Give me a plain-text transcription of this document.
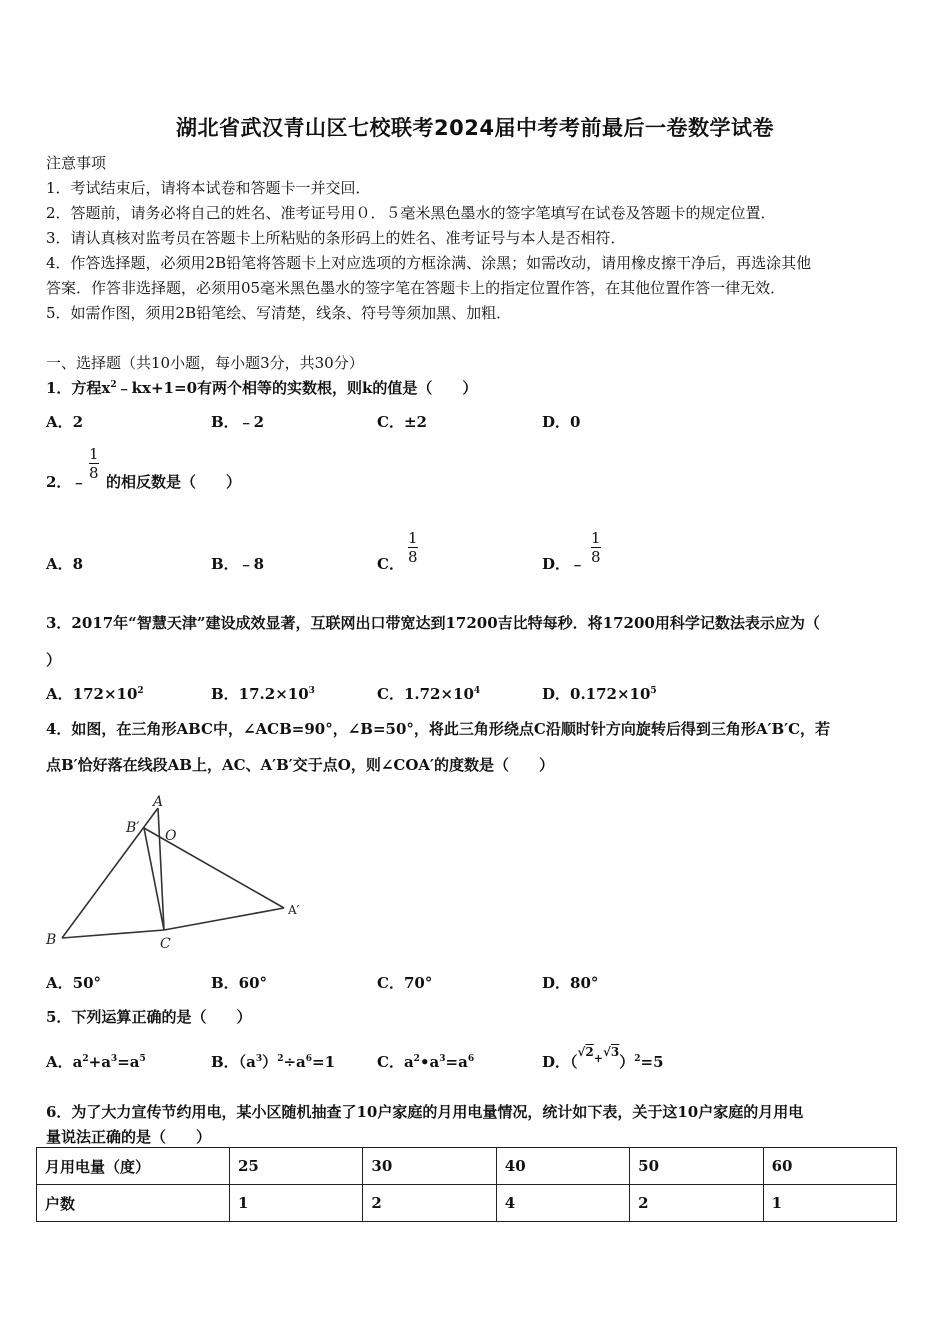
湖北省武汉青山区七校联考2024届中考考前最后一卷数学试卷
注意事项
1．考试结束后，请将本试卷和答题卡一并交回．
2．答题前，请务必将自己的姓名、准考证号用０．５毫米黑色墨水的签字笔填写在试卷及答题卡的规定位置．
3．请认真核对监考员在答题卡上所粘贴的条形码上的姓名、准考证号与本人是否相符．
4．作答选择题，必须用2B铅笔将答题卡上对应选项的方框涂满、涂黑；如需改动，请用橡皮擦干净后，再选涂其他
答案．作答非选择题，必须用05毫米黑色墨水的签字笔在答题卡上的指定位置作答，在其他位置作答一律无效．
5．如需作图，须用2B铅笔绘、写清楚，线条、符号等须加黑、加粗．
一、选择题（共10小题，每小题3分，共30分）
1．方程$x^2﹣kx+1=0$有两个相等的实数根，则k的值是（　　）
A．2	B．﹣2	C．±2	D．0
2．﹣
1
8 的相反数是（　　）
A．8	B．﹣8	C．
1
8	D．﹣
1
8
3．2017年“智慧天津”建设成效显著，互联网出口带宽达到17200吉比特每秒．将17200用科学记数法表示应为（
）
A．$172\times 10^2$	B．$17.2\times 10^3$	C．$1.72\times 10^4$	D．$0.172\times 10^5$
4．如图，在三角形ABC中，∠ACB=90°，∠B=50°，将此三角形绕点C沿顺时针方向旋转后得到三角形A′B′C，若
点B′恰好落在线段AB上，AC、A′B′交于点O，则∠COA′的度数是（　　）
A
B	C
O
B′
A′
A．50°	B．60°	C．70°	D．80°
5．下列运算正确的是（　　）
A．$a^2+a^3=a^5$	B．$(a^3)^2\div a^6=1$	C．$a^2•a^3=a^6$	D．$(√2_+√3)^2=5$
6．为了大力宣传节约用电，某小区随机抽查了10户家庭的月用电量情况，统计如下表，关于这10户家庭的月用电
量说法正确的是（　　）
月用电量（度）	25	30	40	50	60
户数	1	2	4	2	1
